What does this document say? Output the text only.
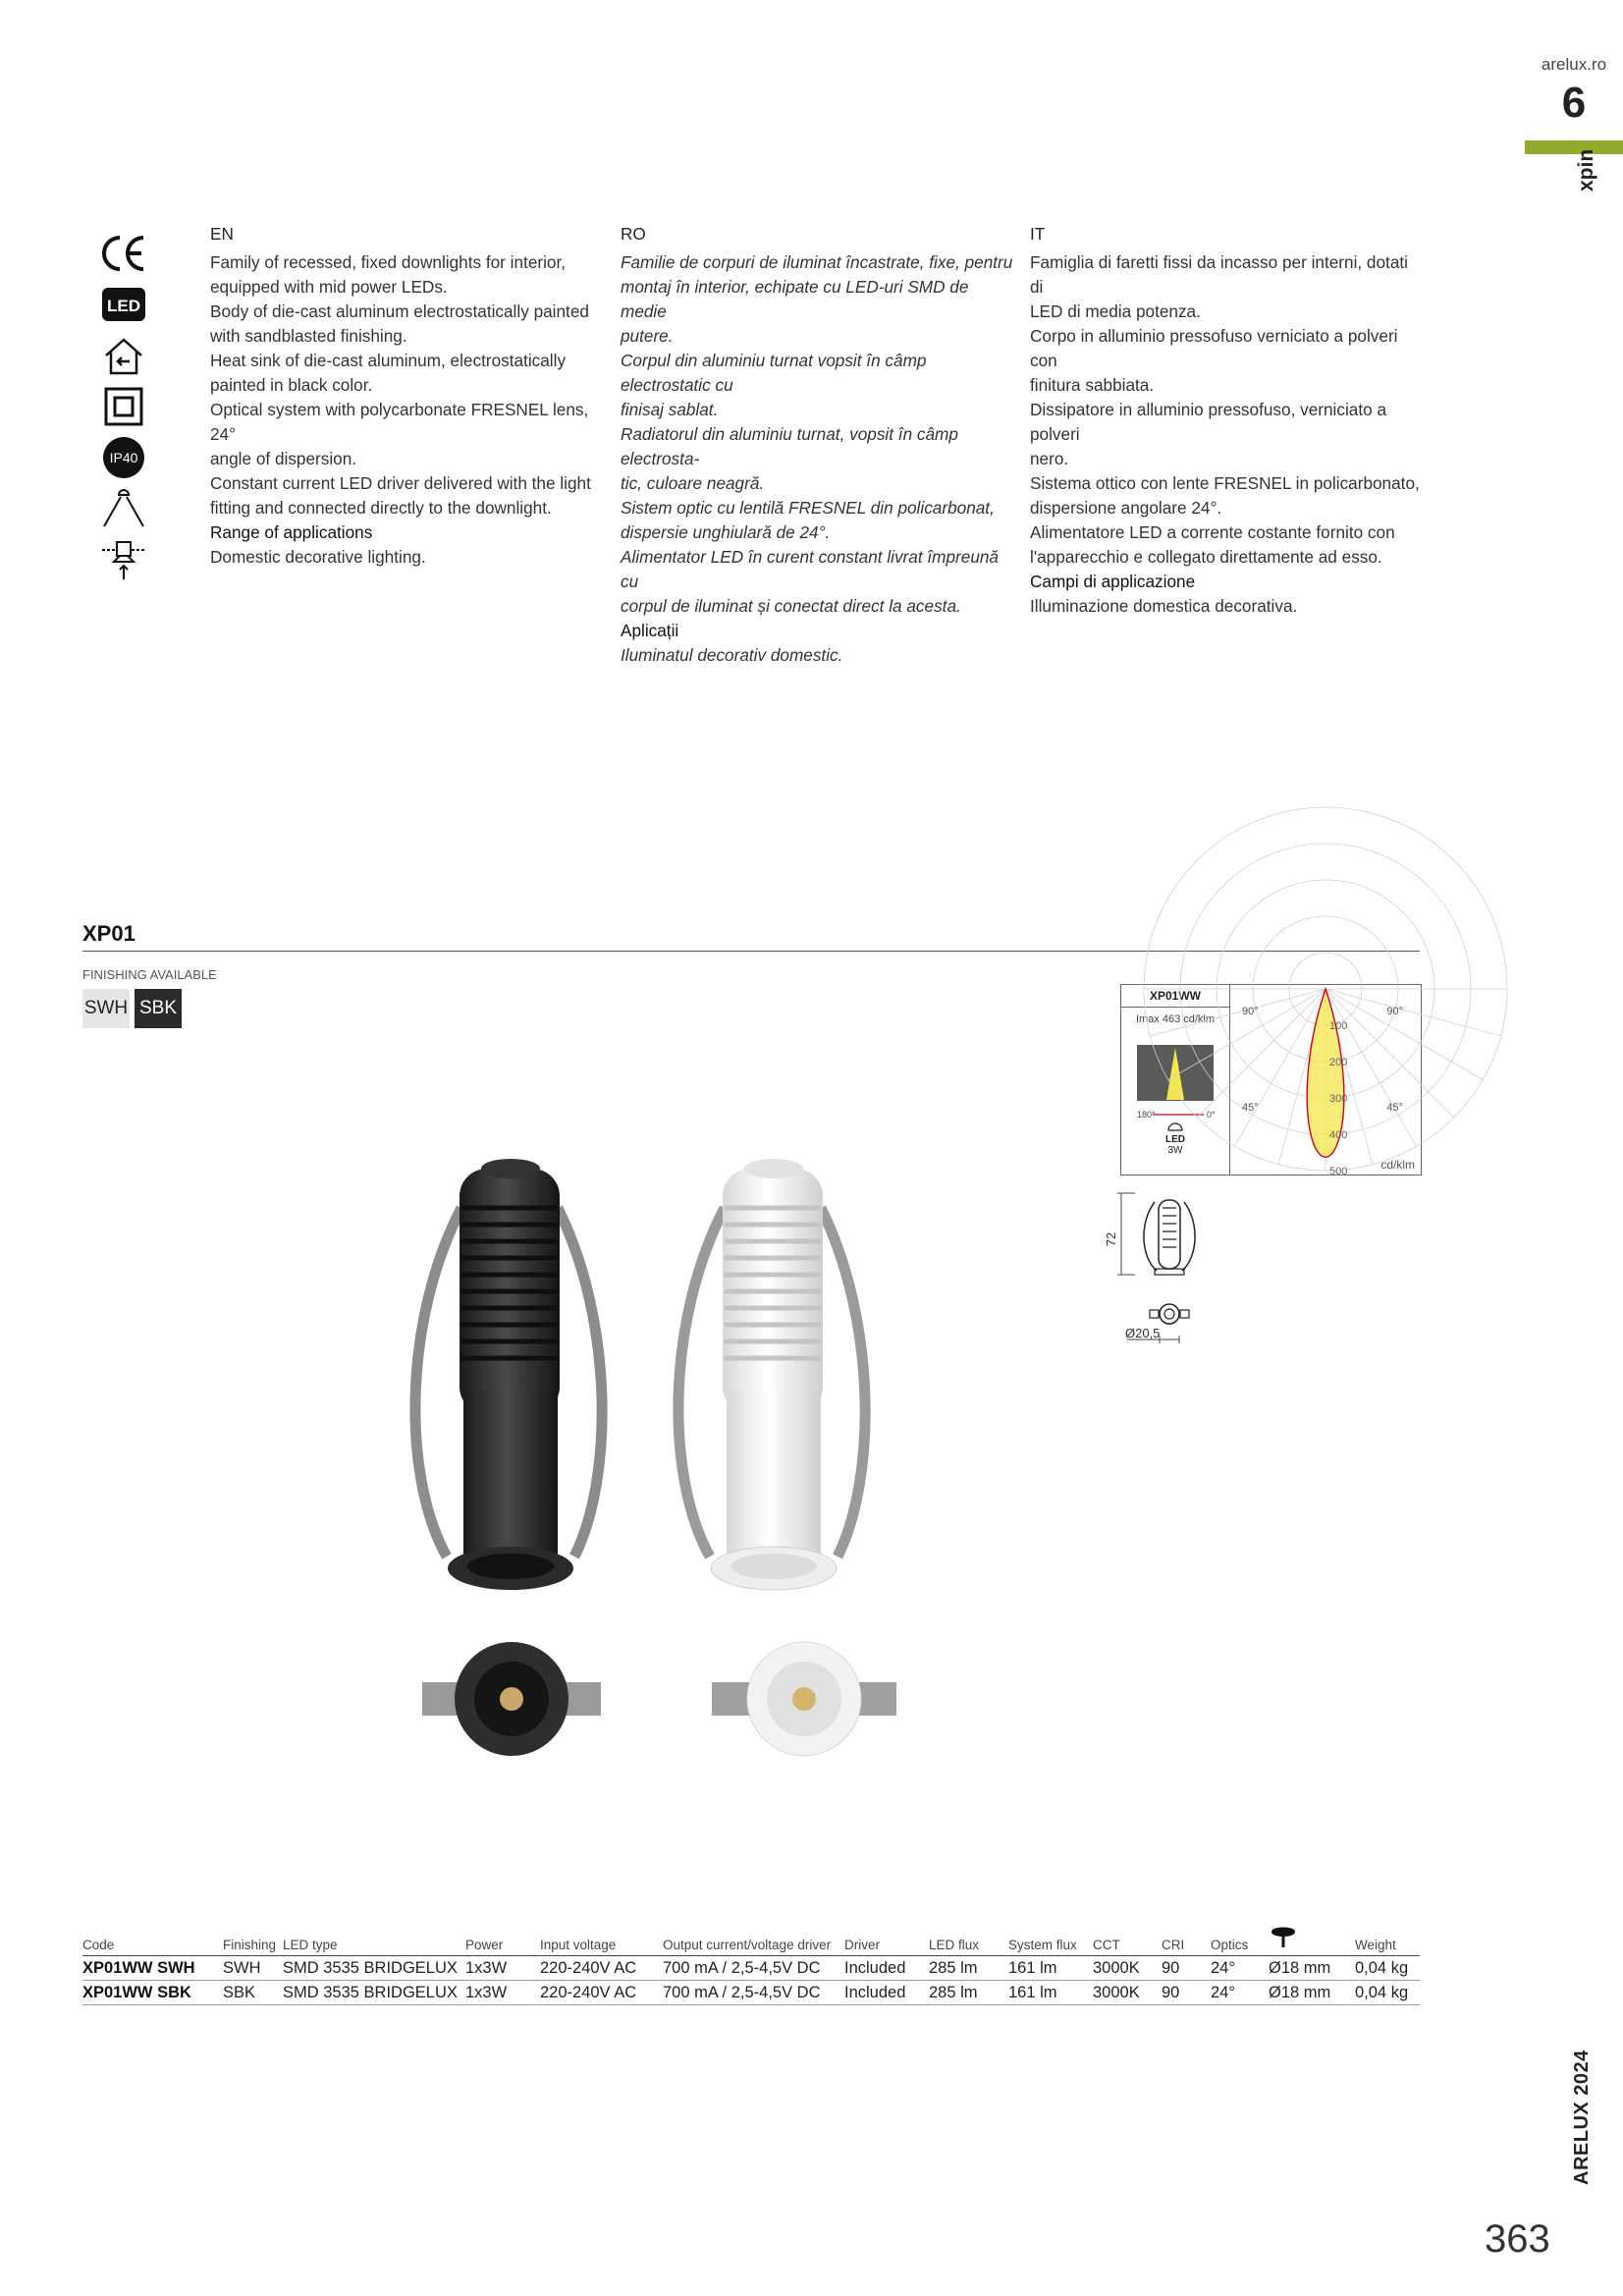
arelux.ro
6
xpin
ARELUX 2024
363
LED
IP40
EN

Family of recessed, fixed downlights for interior,

equipped with mid power LEDs.

Body of die-cast aluminum electrostatically painted

with sandblasted finishing.

Heat sink of die-cast aluminum, electrostatically

painted in black color.

Optical system with polycarbonate FRESNEL lens, 24°

angle of dispersion.

Constant current LED driver delivered with the light

fitting and connected directly to the downlight.

Range of applications

Domestic decorative lighting.

RO

Familie de corpuri de iluminat încastrate, fixe, pentru

montaj în interior, echipate cu LED-uri SMD de medie

putere.

Corpul din aluminiu turnat vopsit în câmp electrostatic cu

finisaj sablat.

Radiatorul din aluminiu turnat, vopsit în câmp electrosta-

tic, culoare neagră.

Sistem optic cu lentilă FRESNEL din policarbonat,

dispersie unghiulară de 24°.

Alimentator LED în curent constant livrat împreună cu

corpul de iluminat și conectat direct la acesta.

Aplicații

Iluminatul decorativ domestic.

IT

Famiglia di faretti fissi da incasso per interni, dotati di

LED di media potenza.

Corpo in alluminio pressofuso verniciato a polveri con

finitura sabbiata.

Dissipatore in alluminio pressofuso, verniciato a polveri

nero.

Sistema ottico con lente FRESNEL in policarbonato,

dispersione angolare 24°.

Alimentatore LED a corrente costante fornito con

l'apparecchio e collegato direttamente ad esso.

Campi di applicazione

Illuminazione domestica decorativa.

XP01
FINISHING AVAILABLE
SWH SBK
XP01WW
Imax 463 cd/klm
180°	0°
LED
3W
100
200
300
400
500
90°	90°
45°	45°
cd/klm
72
Ø20,5
Code	Finishing	LED type	Power	Input voltage	Output current/voltage driver	Driver	LED flux	System flux	CCT	CRI	Optics		Weight
XP01WW SWH	SWH	SMD 3535 BRIDGELUX	1x3W	220-240V AC	700 mA / 2,5-4,5V DC	Included	285 lm	161 lm	3000K	90	24°	Ø18 mm	0,04 kg
XP01WW SBK	SBK	SMD 3535 BRIDGELUX	1x3W	220-240V AC	700 mA / 2,5-4,5V DC	Included	285 lm	161 lm	3000K	90	24°	Ø18 mm	0,04 kg
